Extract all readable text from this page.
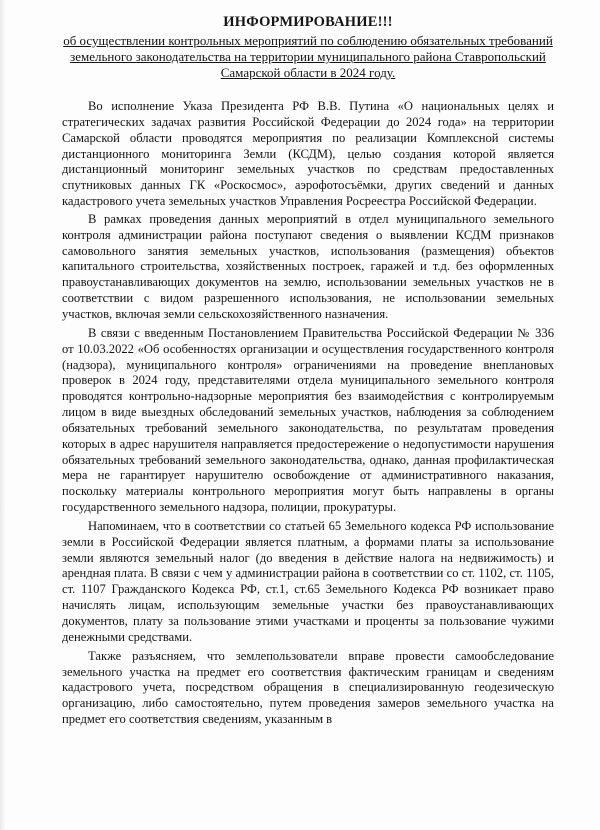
ИНФОРМИРОВАНИЕ!!!
об осуществлении контрольных мероприятий по соблюдению обязательных требований земельного законодательства на территории муниципального района Ставропольский Самарской области в 2024 году.

Во исполнение Указа Президента РФ В.В. Путина «О национальных целях и стратегических задачах развития Российской Федерации до 2024 года» на территории Самарской области проводятся мероприятия по реализации Комплексной системы дистанционного мониторинга Земли (КСДМ), целью создания которой является дистанционный мониторинг земельных участков по средствам предоставленных спутниковых данных ГК «Роскосмос», аэрофотосъёмки, других сведений и данных кадастрового учета земельных участков Управления Росреестра Российской Федерации.

В рамках проведения данных мероприятий в отдел муниципального земельного контроля администрации района поступают сведения о выявлении КСДМ признаков самовольного занятия земельных участков, использования (размещения) объектов капитального строительства, хозяйственных построек, гаражей и т.д. без оформленных правоустанавливающих документов на землю, использовании земельных участков не в соответствии с видом разрешенного использования, не использовании земельных участков, включая земли сельскохозяйственного назначения.

В связи с введенным Постановлением Правительства Российской Федерации № 336 от 10.03.2022 «Об особенностях организации и осуществления государственного контроля (надзора), муниципального контроля» ограничениями на проведение внеплановых проверок в 2024 году, представителями отдела муниципального земельного контроля проводятся контрольно-надзорные мероприятия без взаимодействия с контролируемым лицом в виде выездных обследований земельных участков, наблюдения за соблюдением обязательных требований земельного законодательства, по результатам проведения которых в адрес нарушителя направляется предостережение о недопустимости нарушения обязательных требований земельного законодательства, однако, данная профилактическая мера не гарантирует нарушителю освобождение от административного наказания, поскольку материалы контрольного мероприятия могут быть направлены в органы государственного земельного надзора, полиции, прокуратуры.

Напоминаем, что в соответствии со статьей 65 Земельного кодекса РФ использование земли в Российской Федерации является платным, а формами платы за использование земли являются земельный налог (до введения в действие налога на недвижимость) и арендная плата. В связи с чем у администрации района в соответствии со ст. 1102, ст. 1105, ст. 1107 Гражданского Кодекса РФ, ст.1, ст.65 Земельного Кодекса РФ возникает право начислять лицам, использующим земельные участки без правоустанавливающих документов, плату за пользование этими участками и проценты за пользование чужими денежными средствами.

Также разъясняем, что землепользователи вправе провести самообследование земельного участка на предмет его соответствия фактическим границам и сведениям кадастрового учета, посредством обращения в специализированную геодезическую организацию, либо самостоятельно, путем проведения замеров земельного участка на предмет его соответствия сведениям, указанным в
